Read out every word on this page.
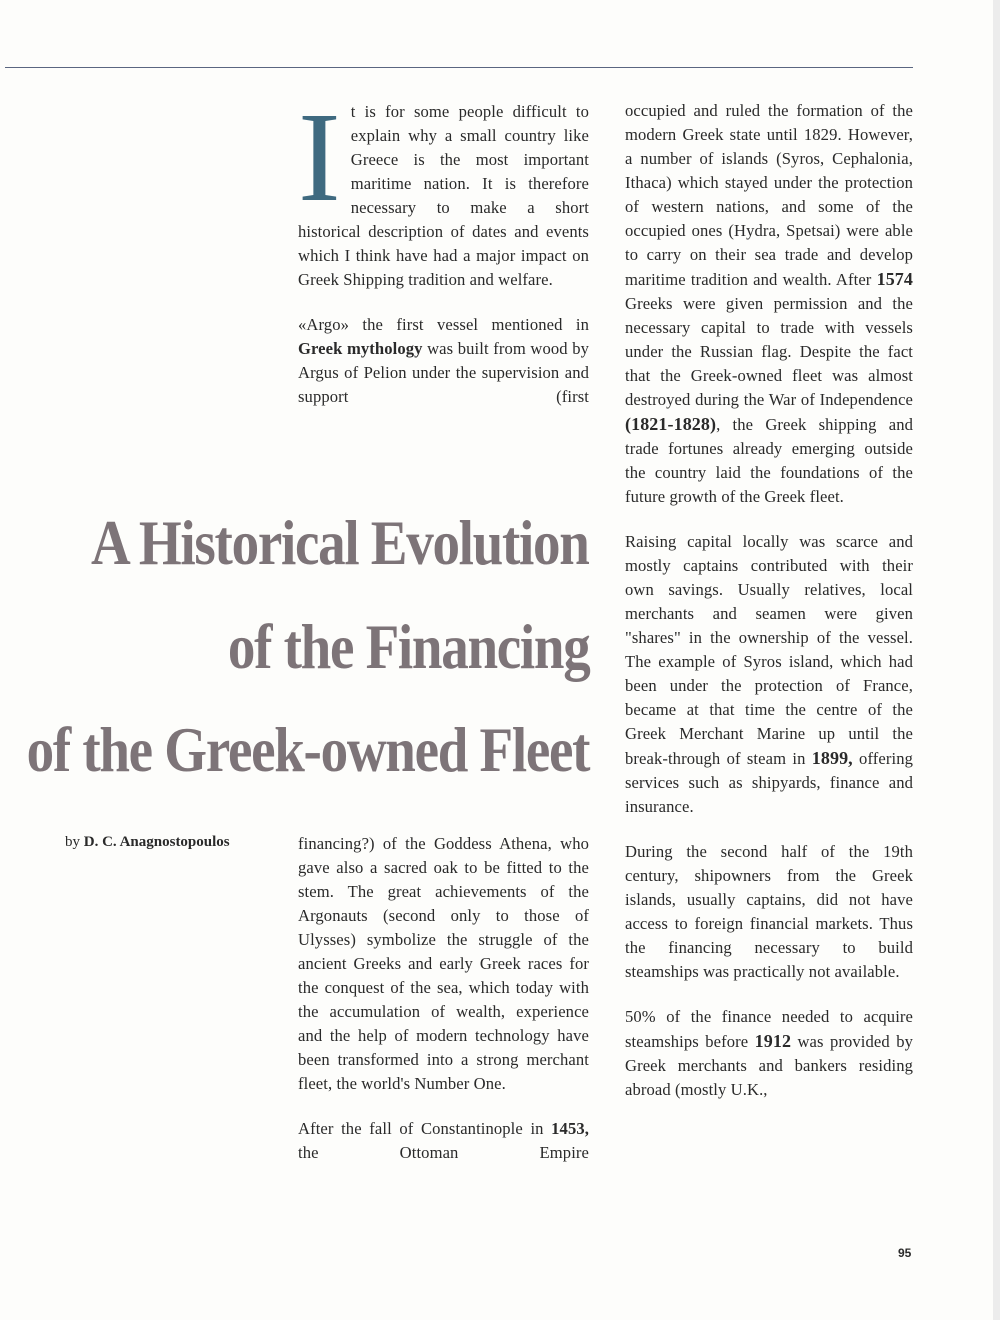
It is for some people difficult to explain why a small country like Greece is the most important maritime nation. It is therefore necessary to make a short historical description of dates and events which I think have had a major impact on Greek Shipping tradition and welfare.

«Argo» the first vessel mentioned in Greek mythology was built from wood by Argus of Pelion under the supervision and support (first

A Historical Evolution
of the Financing
of the Greek-owned Fleet
by D. C. Anagnostopoulos	financing?) of the Goddess Athena, who gave also a sacred oak to be fitted to the stem. The great achievements of the Argonauts (second only to those of Ulysses) symbolize the struggle of the ancient Greeks and early Greek races for the conquest of the sea, which today with the accumulation of wealth, experience and the help of modern technology have been transformed into a strong merchant fleet, the world's Number One.

After the fall of Constantinople in 1453, the Ottoman Empire

occupied and ruled the formation of the modern Greek state until 1829. However, a number of islands (Syros, Cephalonia, Ithaca) which stayed under the protection of western nations, and some of the occupied ones (Hydra, Spetsai) were able to carry on their sea trade and develop maritime tradition and wealth. After 1574 Greeks were given permission and the necessary capital to trade with vessels under the Russian flag. Despite the fact that the Greek-owned fleet was almost destroyed during the War of Independence (1821-1828), the Greek shipping and trade fortunes already emerging outside the country laid the foundations of the future growth of the Greek fleet.

Raising capital locally was scarce and mostly captains contributed with their own savings. Usually relatives, local merchants and seamen were given "shares" in the ownership of the vessel. The example of Syros island, which had been under the protection of France, became at that time the centre of the Greek Merchant Marine up until the break-through of steam in 1899, offering services such as shipyards, finance and insurance.

During the second half of the 19th century, shipowners from the Greek islands, usually captains, did not have access to foreign financial markets. Thus the financing necessary to build steamships was practically not available.

50% of the finance needed to acquire steamships before 1912 was provided by Greek merchants and bankers residing abroad (mostly U.K.,

95
